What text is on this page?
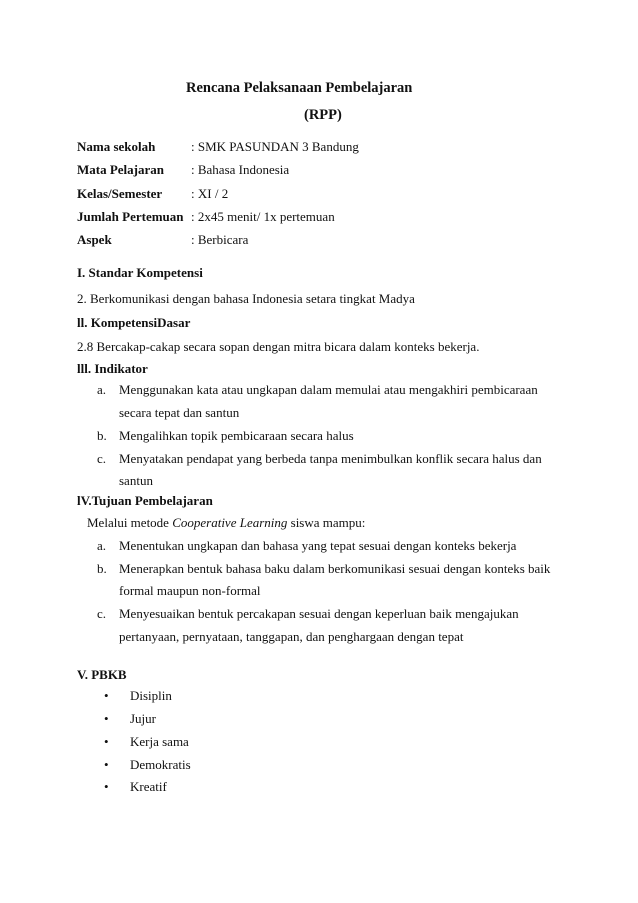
Rencana Pelaksanaan Pembelajaran
(RPP)
Nama sekolah	: SMK PASUNDAN 3 Bandung
Mata Pelajaran : Bahasa Indonesia
Kelas/Semester : XI / 2
Jumlah Pertemuan : 2x45 menit/ 1x pertemuan
Aspek	: Berbicara
I. Standar Kompetensi
2. Berkomunikasi dengan bahasa Indonesia setara tingkat Madya
ll. KompetensiDasar
2.8 Bercakap-cakap secara sopan dengan mitra bicara dalam konteks bekerja.
lll. Indikator
a. Menggunakan kata atau ungkapan dalam memulai atau mengakhiri pembicaraan
secara tepat dan santun
b. Mengalihkan topik pembicaraan secara halus
c. Menyatakan pendapat yang berbeda tanpa menimbulkan konflik secara halus dan
santun
lV.Tujuan Pembelajaran
Melalui metode Cooperative Learning siswa mampu:
a. Menentukan ungkapan dan bahasa yang tepat sesuai dengan konteks bekerja
b. Menerapkan bentuk bahasa baku dalam berkomunikasi sesuai dengan konteks baik
formal maupun non-formal
c. Menyesuaikan bentuk percakapan sesuai dengan keperluan baik mengajukan
pertanyaan, pernyataan, tanggapan, dan penghargaan dengan tepat
V. PBKB
• Disiplin
• Jujur
• Kerja sama
• Demokratis
• Kreatif
